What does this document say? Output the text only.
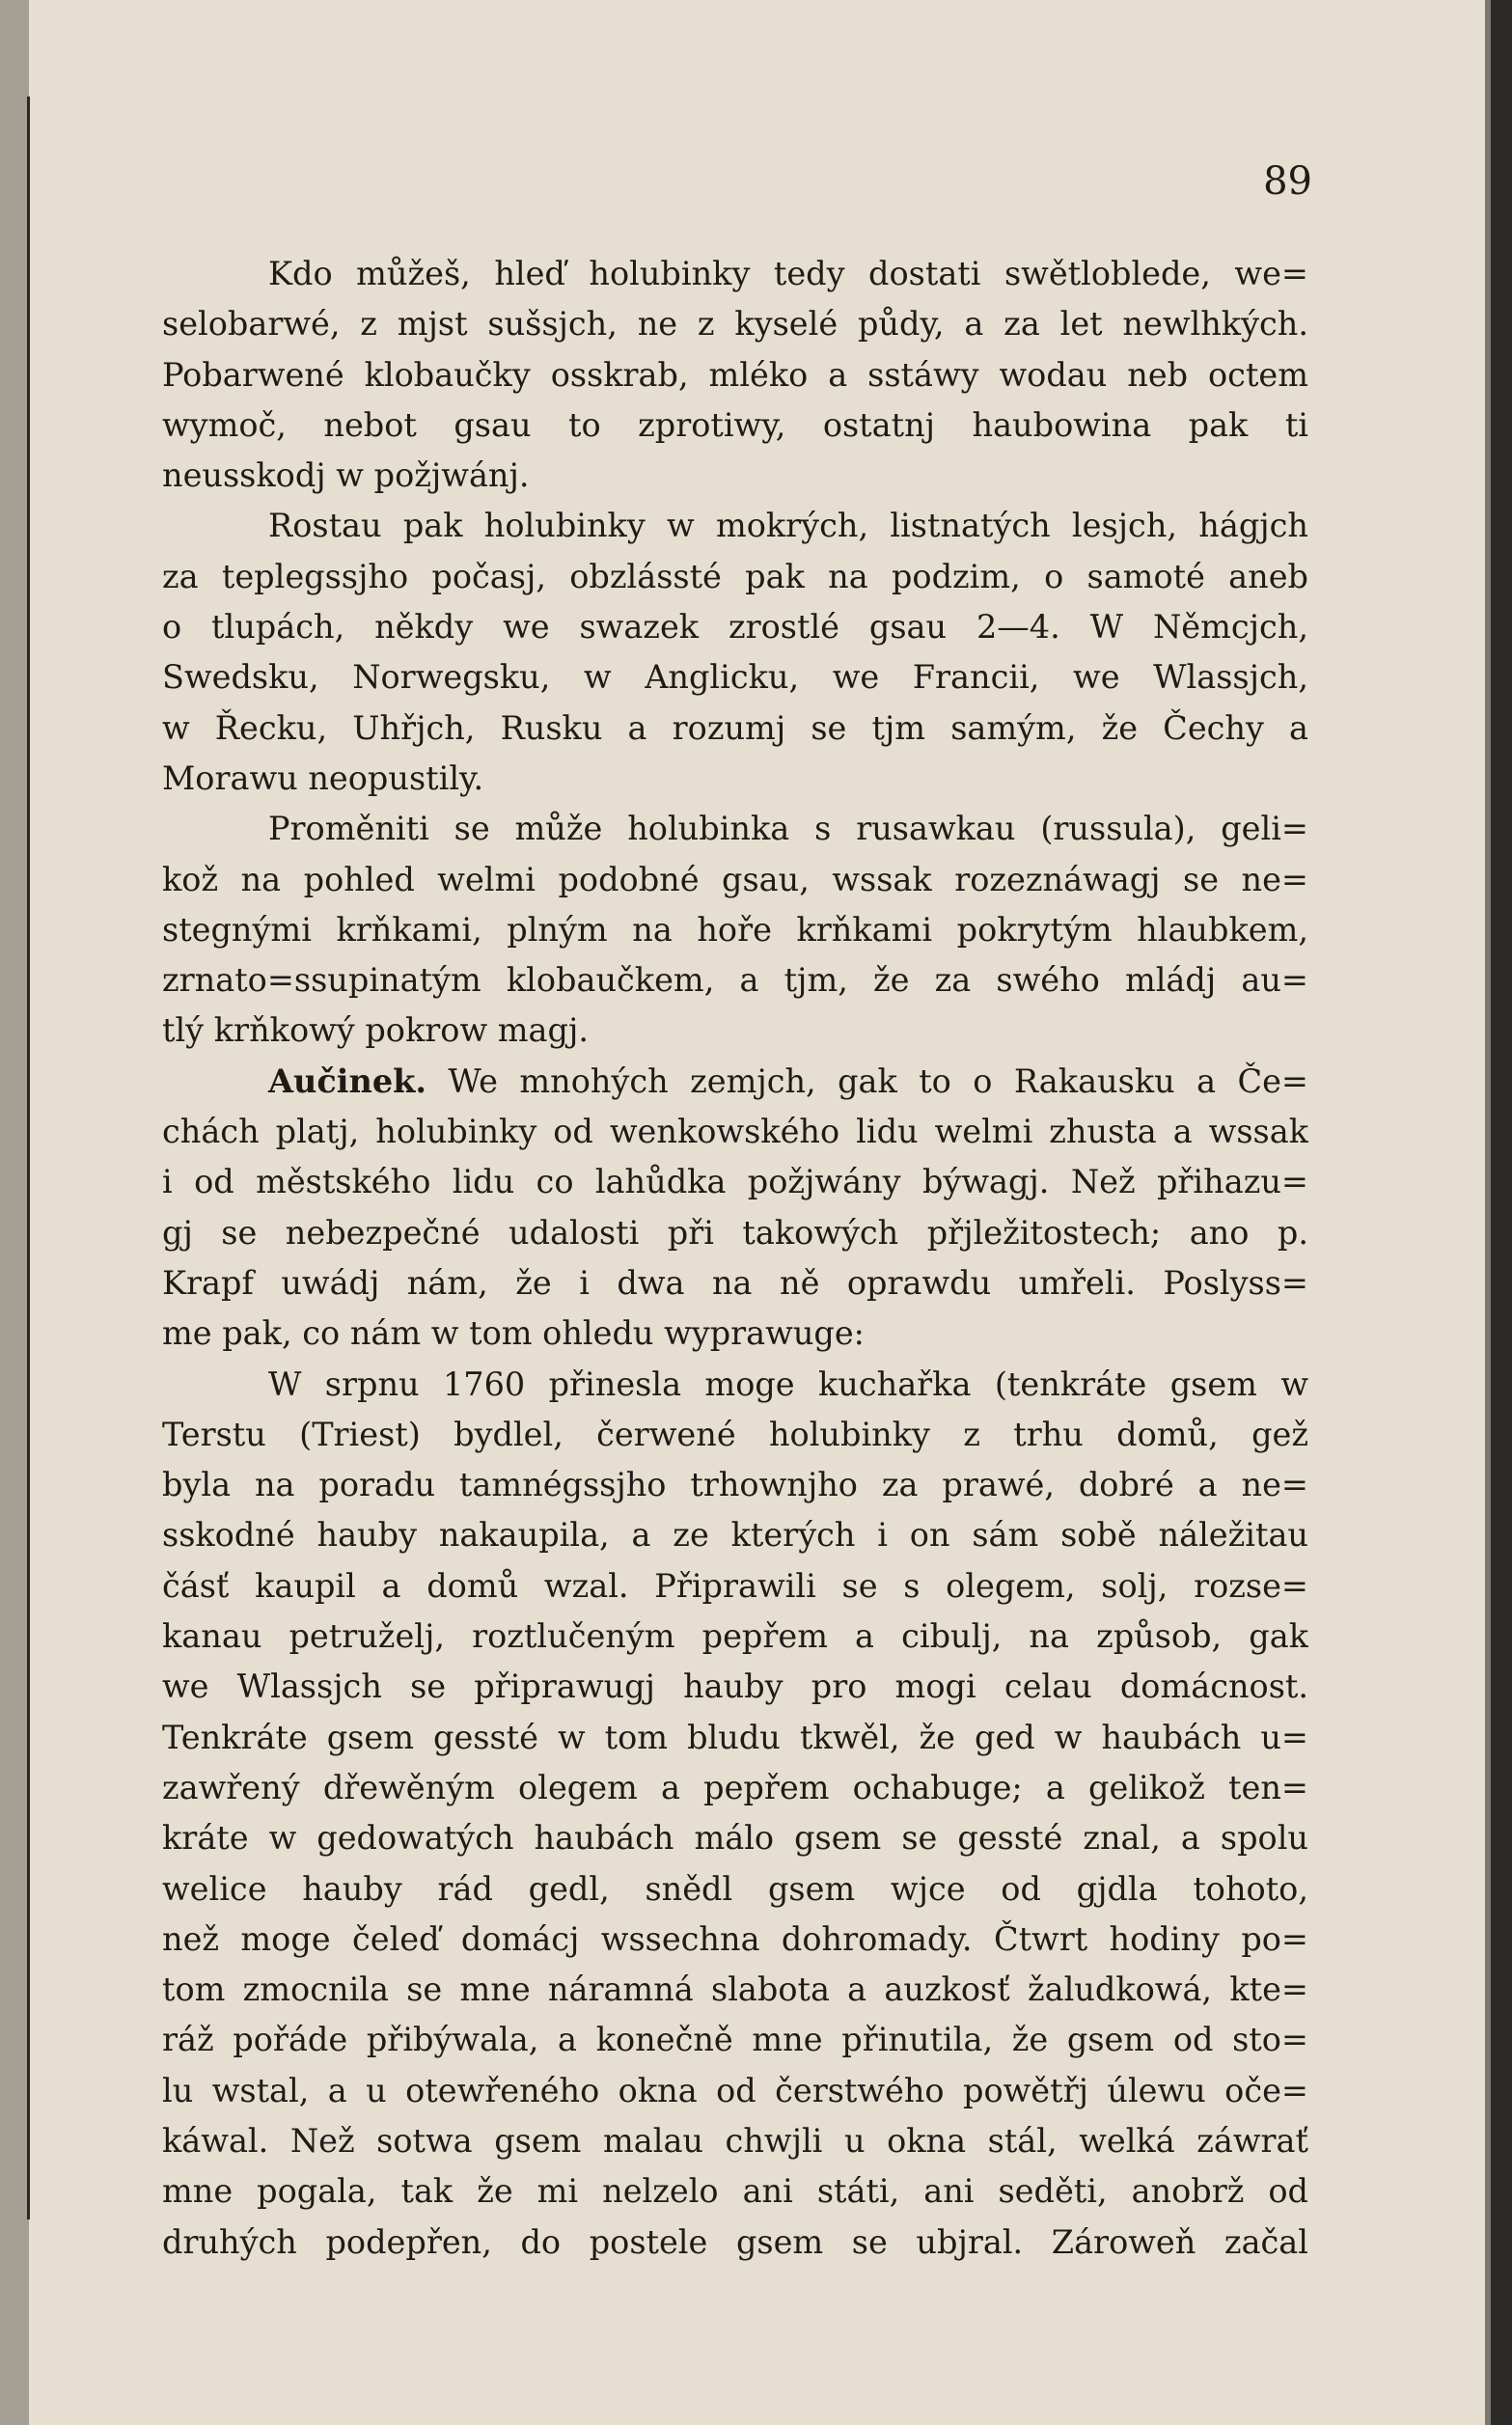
89
Kdo můžeš, hleď holubinky tedy dostati swětloblede, we=
selobarwé, z mjst sušsjch, ne z kyselé půdy, a za let newlhkých.
Pobarwené klobaučky osskrab, mléko a sstáwy wodau neb octem
wymoč, nebot gsau to zprotiwy, ostatnj haubowina pak ti
neusskodj w požjwánj.
Rostau pak holubinky w mokrých, listnatých lesjch, hágjch
za teplegssjho počasj, obzlássté pak na podzim, o samoté aneb
o tlupách, někdy we swazek zrostlé gsau 2—4. W Němcjch,
Swedsku, Norwegsku, w Anglicku, we Francii, we Wlassjch,
w Řecku, Uhřjch, Rusku a rozumj se tjm samým, že Čechy a
Morawu neopustily.
Proměniti se může holubinka s rusawkau (russula), geli=
kož na pohled welmi podobné gsau, wssak rozeznáwagj se ne=
stegnými krňkami, plným na hoře krňkami pokrytým hlaubkem,
zrnato=ssupinatým klobaučkem, a tjm, že za swého mládj au=
tlý krňkowý pokrow magj.
Aučinek. We mnohých zemjch, gak to o Rakausku a Če=
chách platj, holubinky od wenkowského lidu welmi zhusta a wssak
i od městského lidu co lahůdka požjwány býwagj. Než přihazu=
gj se nebezpečné udalosti při takowých přjležitostech; ano p.
Krapf uwádj nám, že i dwa na ně oprawdu umřeli. Poslyss=
me pak, co nám w tom ohledu wyprawuge:
W srpnu 1760 přinesla moge kuchařka (tenkráte gsem w
Terstu (Triest) bydlel, čerwené holubinky z trhu domů, gež
byla na poradu tamnégssjho trhownjho za prawé, dobré a ne=
sskodné hauby nakaupila, a ze kterých i on sám sobě náležitau
čásť kaupil a domů wzal. Připrawili se s olegem, solj, rozse=
kanau petruželj, roztlučeným pepřem a cibulj, na způsob, gak
we Wlassjch se připrawugj hauby pro mogi celau domácnost.
Tenkráte gsem gessté w tom bludu tkwěl, že ged w haubách u=
zawřený dřewěným olegem a pepřem ochabuge; a gelikož ten=
kráte w gedowatých haubách málo gsem se gessté znal, a spolu
welice hauby rád gedl, snědl gsem wjce od gjdla tohoto,
než moge čeleď domácj wssechna dohromady. Čtwrt hodiny po=
tom zmocnila se mne náramná slabota a auzkosť žaludkowá, kte=
ráž pořáde přibýwala, a konečně mne přinutila, že gsem od sto=
lu wstal, a u otewřeného okna od čerstwého powětřj úlewu oče=
káwal. Než sotwa gsem malau chwjli u okna stál, welká záwrať
mne pogala, tak že mi nelzelo ani státi, ani seděti, anobrž od
druhých podepřen, do postele gsem se ubjral. Zároweň začal
